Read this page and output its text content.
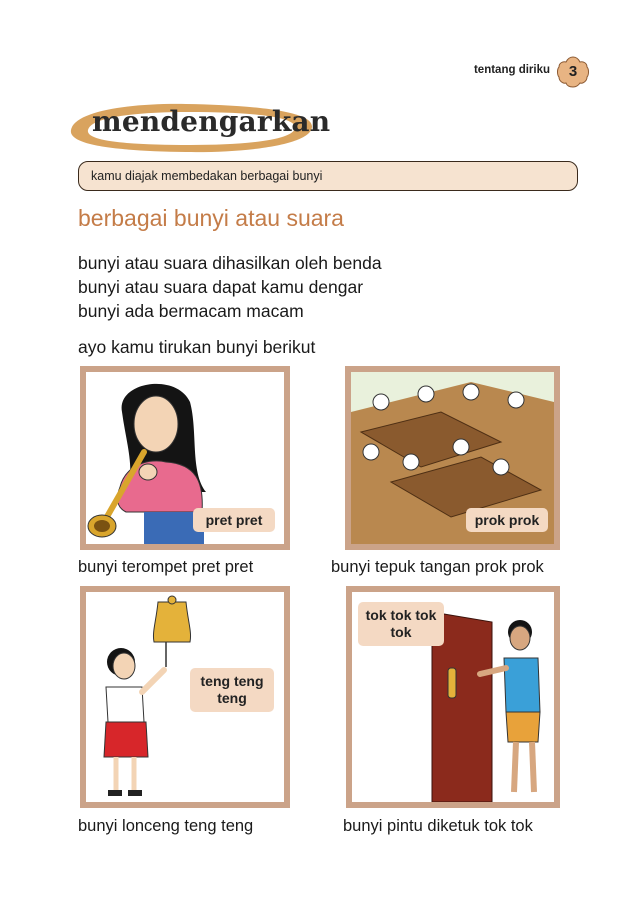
tentang diriku	3
mendengarkan
kamu diajak membedakan berbagai bunyi
berbagai bunyi atau suara
bunyi atau suara dihasilkan oleh benda
bunyi atau suara dapat kamu dengar
bunyi ada bermacam macam
ayo kamu tirukan bunyi berikut
pret pret	prok prok
teng teng teng
tok tok tok tok
bunyi terompet pret pret	bunyi tepuk tangan prok prok
bunyi lonceng teng teng	bunyi pintu diketuk tok tok
